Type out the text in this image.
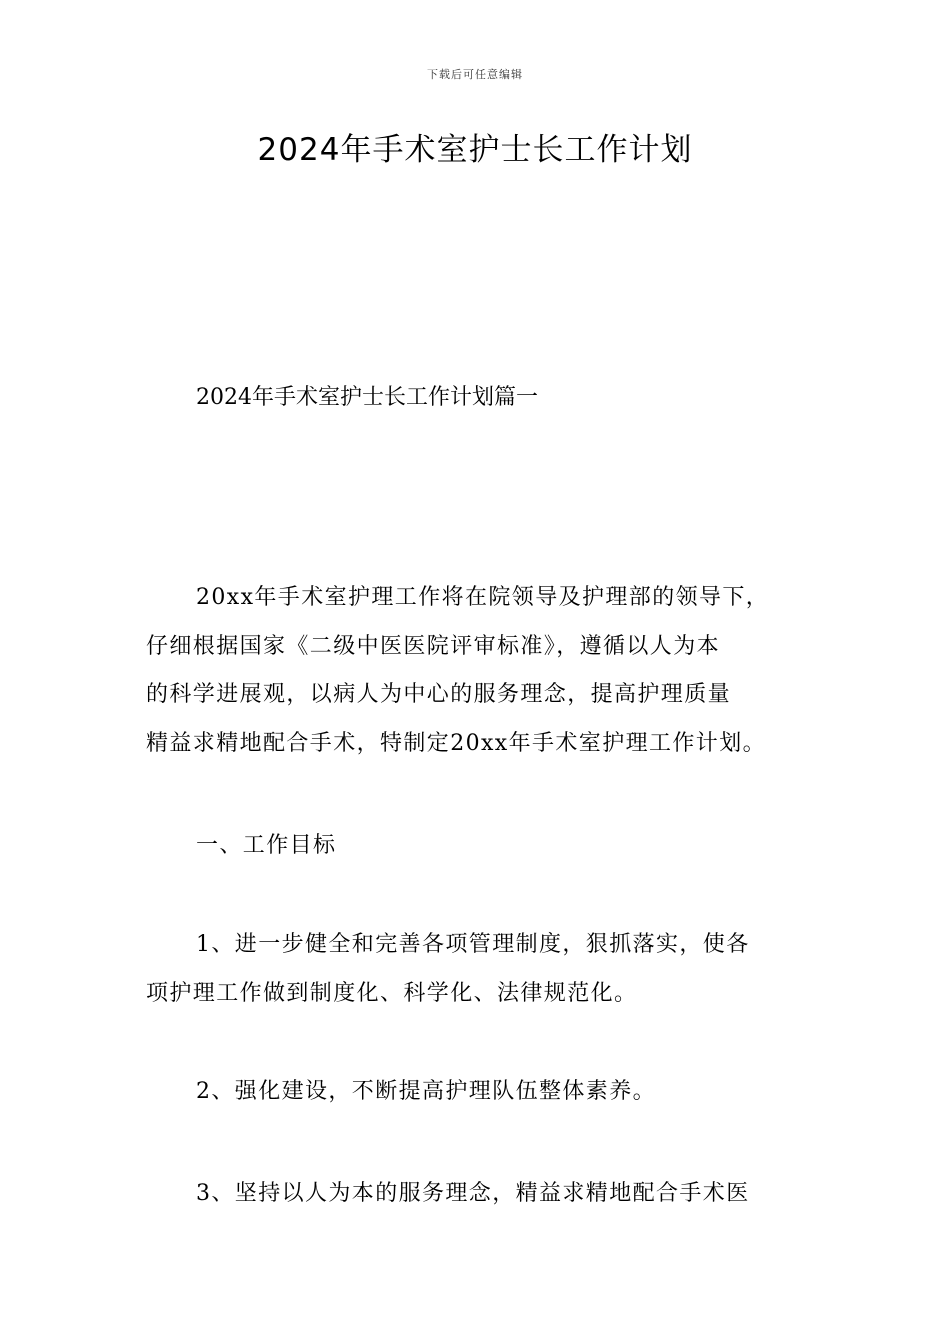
下载后可任意编辑
2024年手术室护士长工作计划
2024年手术室护士长工作计划篇一
20xx年手术室护理工作将在院领导及护理部的领导下，
仔细根据国家《二级中医医院评审标准》，遵循以人为本
的科学进展观，以病人为中心的服务理念，提高护理质量
精益求精地配合手术，特制定20xx年手术室护理工作计划。
一、工作目标
1、进一步健全和完善各项管理制度，狠抓落实，使各
项护理工作做到制度化、科学化、法律规范化。
2、强化建设，不断提高护理队伍整体素养。
3、坚持以人为本的服务理念，精益求精地配合手术医
